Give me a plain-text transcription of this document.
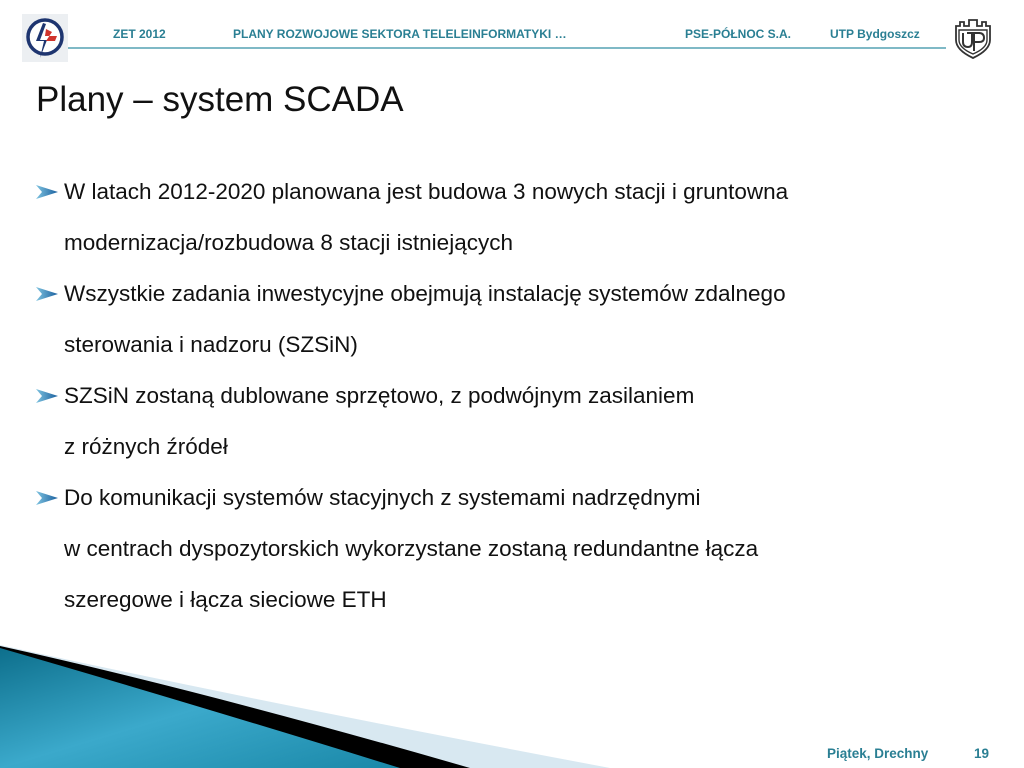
ZET 2012	PLANY ROZWOJOWE SEKTORA TELELEINFORMATYKI …	PSE-PÓŁNOC S.A.	UTP Bydgoszcz
Plany – system SCADA
W latach 2012-2020 planowana jest budowa 3 nowych stacji i gruntowna
modernizacja/rozbudowa 8 stacji istniejących
Wszystkie zadania inwestycyjne obejmują instalację systemów zdalnego
sterowania i nadzoru (SZSiN)
SZSiN zostaną dublowane sprzętowo, z podwójnym zasilaniem
z różnych źródeł
Do komunikacji systemów stacyjnych z systemami nadrzędnymi
w centrach dyspozytorskich wykorzystane zostaną redundantne łącza
szeregowe i łącza sieciowe ETH
Piątek, Drechny	19
